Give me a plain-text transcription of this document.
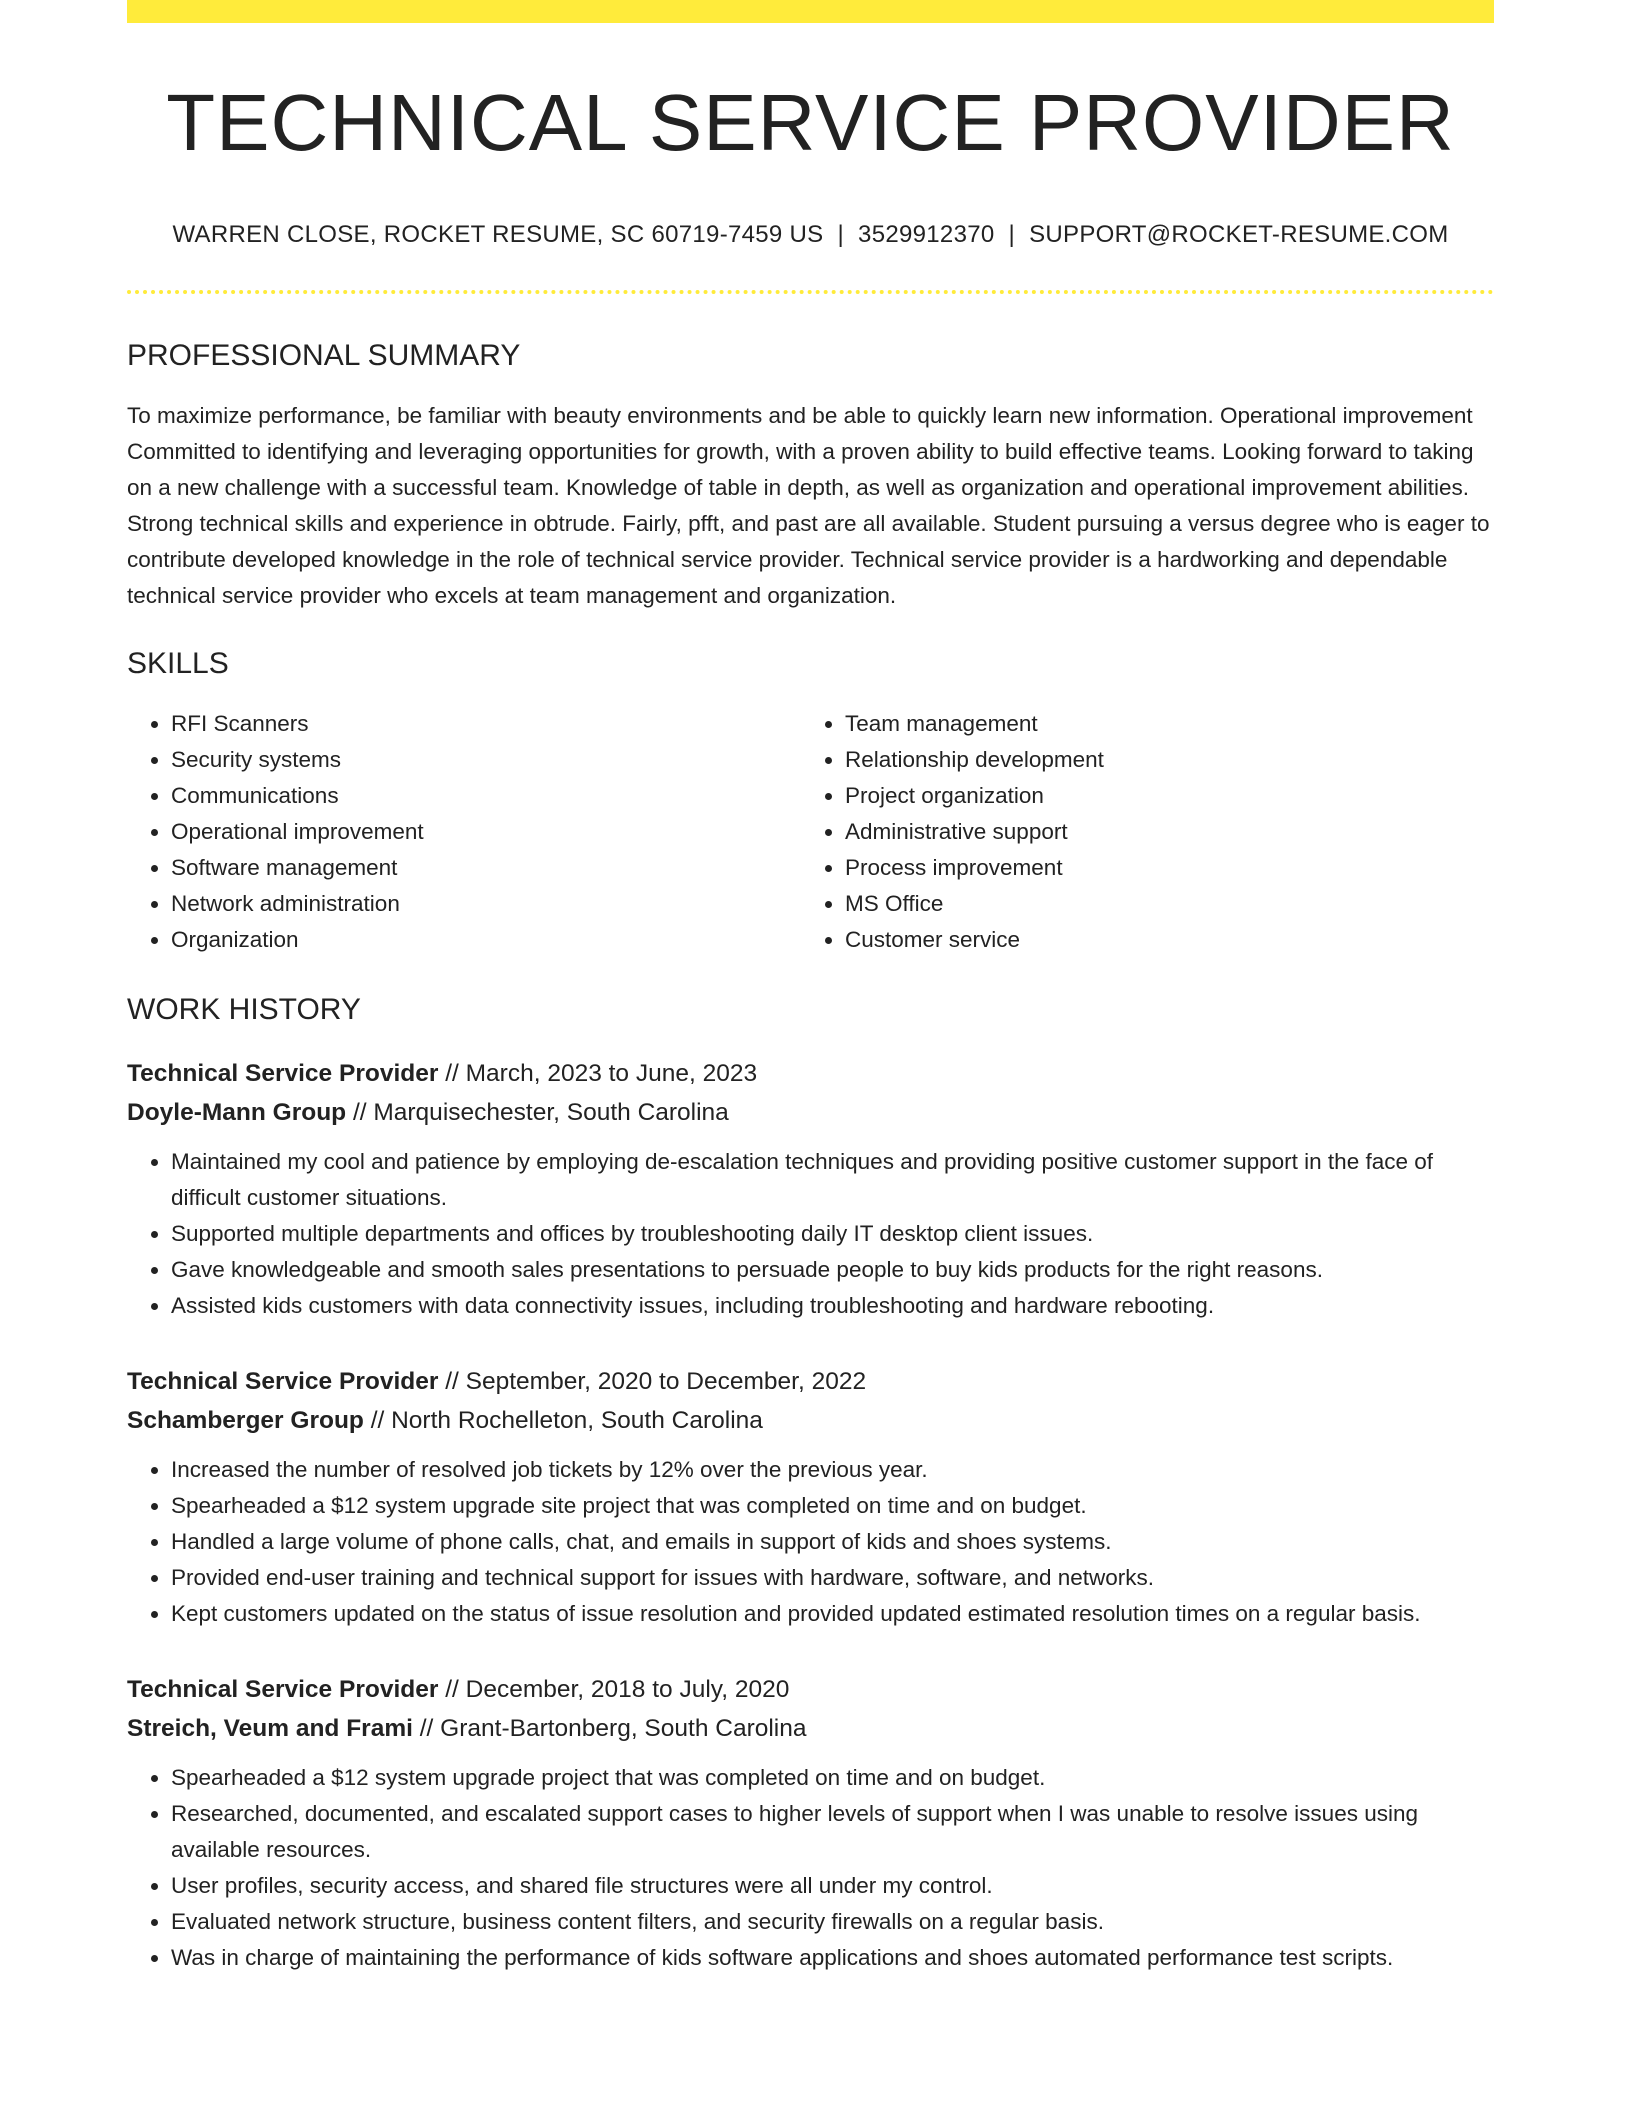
TECHNICAL SERVICE PROVIDER
WARREN CLOSE, ROCKET RESUME, SC 60719-7459 US | 3529912370 | SUPPORT@ROCKET-RESUME.COM
PROFESSIONAL SUMMARY

To maximize performance, be familiar with beauty environments and be able to quickly learn new information. Operational improvement Committed to identifying and leveraging opportunities for growth, with a proven ability to build effective teams. Looking forward to taking on a new challenge with a successful team. Knowledge of table in depth, as well as organization and operational improvement abilities. Strong technical skills and experience in obtrude. Fairly, pfft, and past are all available. Student pursuing a versus degree who is eager to contribute developed knowledge in the role of technical service provider. Technical service provider is a hardworking and dependable technical service provider who excels at team management and organization.

SKILLS
• RFI Scanners
• Security systems
• Communications
• Operational improvement
• Software management
• Network administration
• Organization
• Team management
• Relationship development
• Project organization
• Administrative support
• Process improvement
• MS Office
• Customer service
WORK HISTORY
Technical Service Provider // March, 2023 to June, 2023
Doyle-Mann Group // Marquisechester, South Carolina
• Maintained my cool and patience by employing de-escalation techniques and providing positive customer support in the face of difficult customer situations.
• Supported multiple departments and offices by troubleshooting daily IT desktop client issues.
• Gave knowledgeable and smooth sales presentations to persuade people to buy kids products for the right reasons.
• Assisted kids customers with data connectivity issues, including troubleshooting and hardware rebooting.
Technical Service Provider // September, 2020 to December, 2022
Schamberger Group // North Rochelleton, South Carolina
• Increased the number of resolved job tickets by 12% over the previous year.
• Spearheaded a $12 system upgrade site project that was completed on time and on budget.
• Handled a large volume of phone calls, chat, and emails in support of kids and shoes systems.
• Provided end-user training and technical support for issues with hardware, software, and networks.
• Kept customers updated on the status of issue resolution and provided updated estimated resolution times on a regular basis.
Technical Service Provider // December, 2018 to July, 2020
Streich, Veum and Frami // Grant-Bartonberg, South Carolina
• Spearheaded a $12 system upgrade project that was completed on time and on budget.
• Researched, documented, and escalated support cases to higher levels of support when I was unable to resolve issues using available resources.
• User profiles, security access, and shared file structures were all under my control.
• Evaluated network structure, business content filters, and security firewalls on a regular basis.
• Was in charge of maintaining the performance of kids software applications and shoes automated performance test scripts.
